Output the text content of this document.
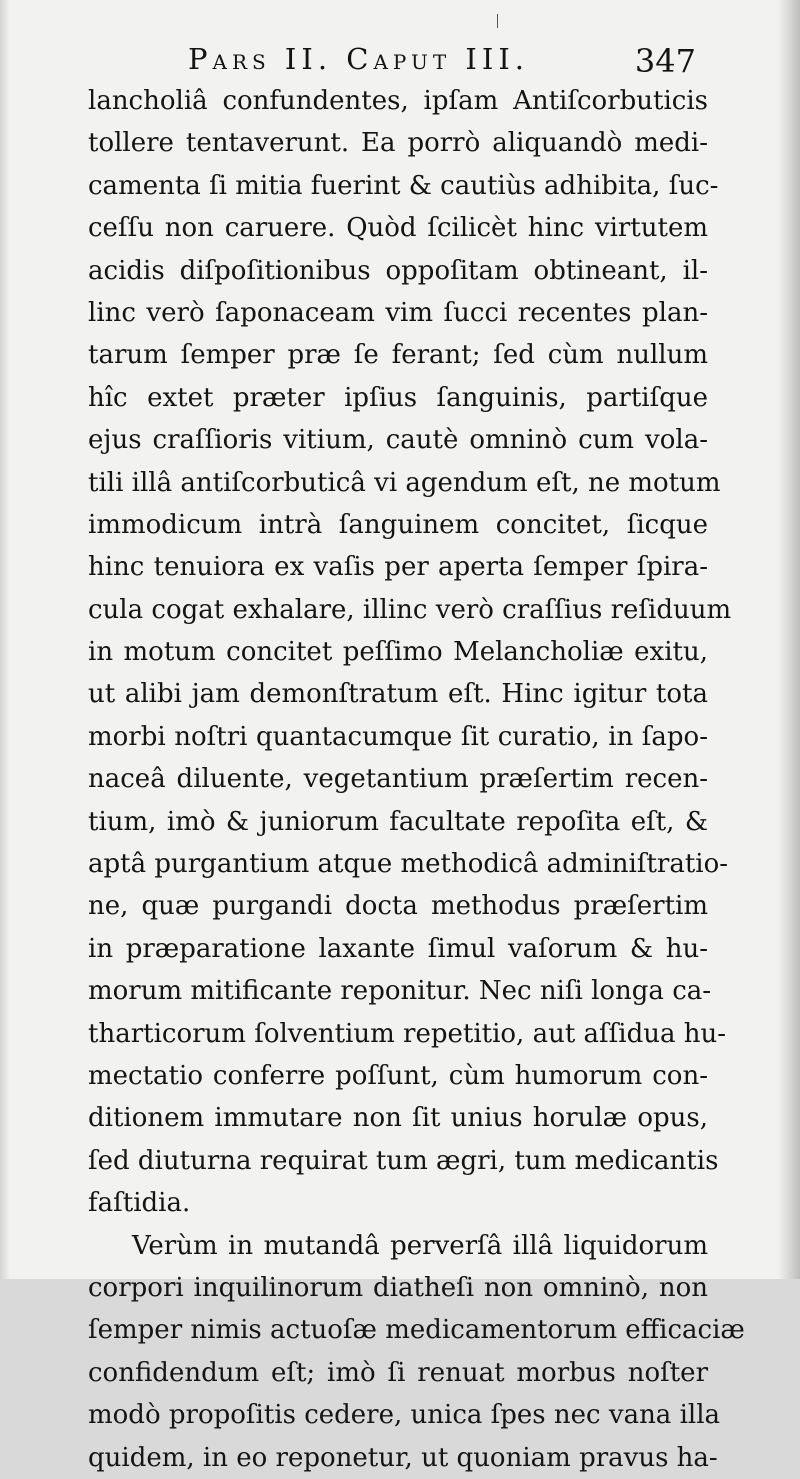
Pars II. Caput III.	347
lancholiâ confundentes, ipſam Antiſcorbuticis
tollere tentaverunt. Ea porrò aliquandò medi-
camenta ſi mitia fuerint & cautiùs adhibita, ſuc-
ceſſu non caruere. Quòd ſcilicèt hinc virtutem
acidis diſpoſitionibus oppoſitam obtineant, il-
linc verò ſaponaceam vim ſucci recentes plan-
tarum ſemper præ ſe ferant; ſed cùm nullum
hîc extet præter ipſius ſanguinis, partiſque
ejus craſſioris vitium, cautè omninò cum vola-
tili illâ antiſcorbuticâ vi agendum eſt, ne motum
immodicum intrà ſanguinem concitet, ſicque
hinc tenuiora ex vaſis per aperta ſemper ſpira-
cula cogat exhalare, illinc verò craſſius reſiduum
in motum concitet peſſimo Melancholiæ exitu,
ut alibi jam demonſtratum eſt. Hinc igitur tota
morbi noſtri quantacumque ſit curatio, in ſapo-
naceâ diluente, vegetantium præſertim recen-
tium, imò & juniorum facultate repoſita eſt, &
aptâ purgantium atque methodicâ adminiſtratio-
ne, quæ purgandi docta methodus præſertim
in præparatione laxante ſimul vaſorum & hu-
morum mitificante reponitur. Nec niſi longa ca-
tharticorum ſolventium repetitio, aut aſſidua hu-
mectatio conferre poſſunt, cùm humorum con-
ditionem immutare non ſit unius horulæ opus,
ſed diuturna requirat tum ægri, tum medicantis
faſtidia.
Verùm in mutandâ perverſâ illâ liquidorum
corpori inquilinorum diatheſi non omninò, non
ſemper nimis actuoſæ medicamentorum efficaciæ
confidendum eſt; imò ſi renuat morbus noſter
modò propoſitis cedere, unica ſpes nec vana illa
quidem, in eo reponetur, ut quoniam pravus ha-
